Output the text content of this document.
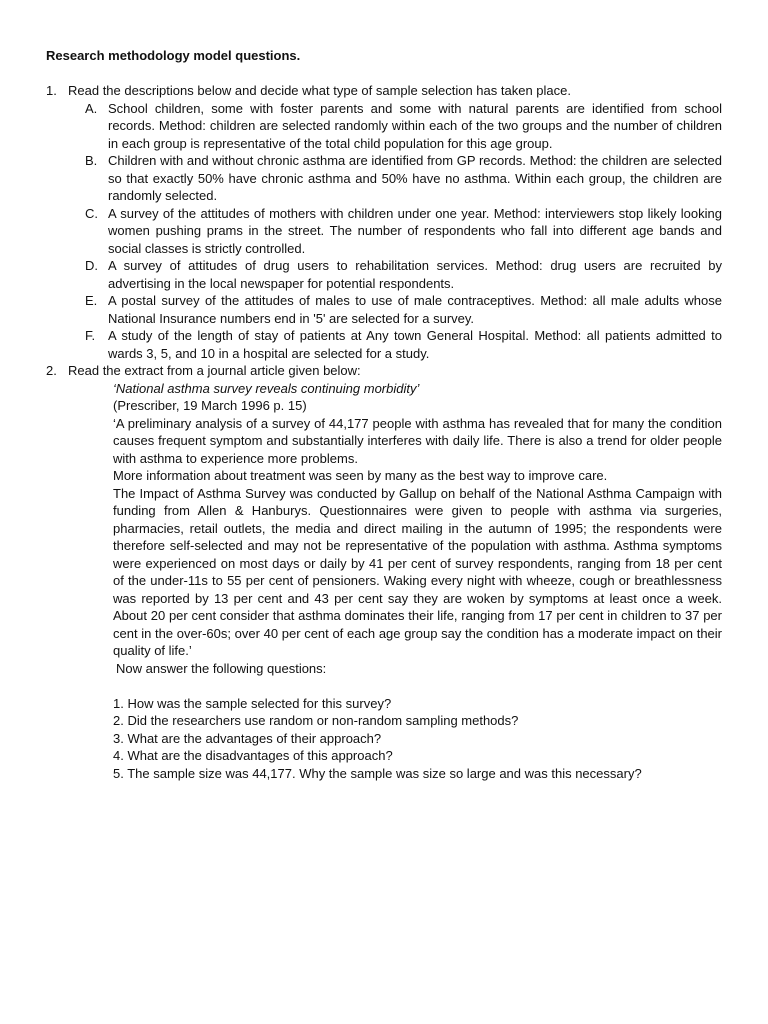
Research methodology model questions.
1. Read the descriptions below and decide what type of sample selection has taken place.
A. School children, some with foster parents and some with natural parents are identified from school records. Method: children are selected randomly within each of the two groups and the number of children in each group is representative of the total child population for this age group.
B. Children with and without chronic asthma are identified from GP records. Method: the children are selected so that exactly 50% have chronic asthma and 50% have no asthma. Within each group, the children are randomly selected.
C. A survey of the attitudes of mothers with children under one year. Method: interviewers stop likely looking women pushing prams in the street. The number of respondents who fall into different age bands and social classes is strictly controlled.
D. A survey of attitudes of drug users to rehabilitation services. Method: drug users are recruited by advertising in the local newspaper for potential respondents.
E. A postal survey of the attitudes of males to use of male contraceptives. Method: all male adults whose National Insurance numbers end in '5' are selected for a survey.
F. A study of the length of stay of patients at Any town General Hospital. Method: all patients admitted to wards 3, 5, and 10 in a hospital are selected for a study.
2. Read the extract from a journal article given below:
‘National asthma survey reveals continuing morbidity’
(Prescriber, 19 March 1996 p. 15)
‘A preliminary analysis of a survey of 44,177 people with asthma has revealed that for many the condition causes frequent symptom and substantially interferes with daily life. There is also a trend for older people with asthma to experience more problems.
More information about treatment was seen by many as the best way to improve care.
The Impact of Asthma Survey was conducted by Gallup on behalf of the National Asthma Campaign with funding from Allen & Hanburys. Questionnaires were given to people with asthma via surgeries, pharmacies, retail outlets, the media and direct mailing in the autumn of 1995; the respondents were therefore self-selected and may not be representative of the population with asthma. Asthma symptoms were experienced on most days or daily by 41 per cent of survey respondents, ranging from 18 per cent of the under-11s to 55 per cent of pensioners. Waking every night with wheeze, cough or breathlessness was reported by 13 per cent and 43 per cent say they are woken by symptoms at least once a week. About 20 per cent consider that asthma dominates their life, ranging from 17 per cent in children to 37 per cent in the over-60s; over 40 per cent of each age group say the condition has a moderate impact on their quality of life.’
Now answer the following questions:
1. How was the sample selected for this survey?
2. Did the researchers use random or non-random sampling methods?
3. What are the advantages of their approach?
4. What are the disadvantages of this approach?
5. The sample size was 44,177. Why the sample was size so large and was this necessary?
